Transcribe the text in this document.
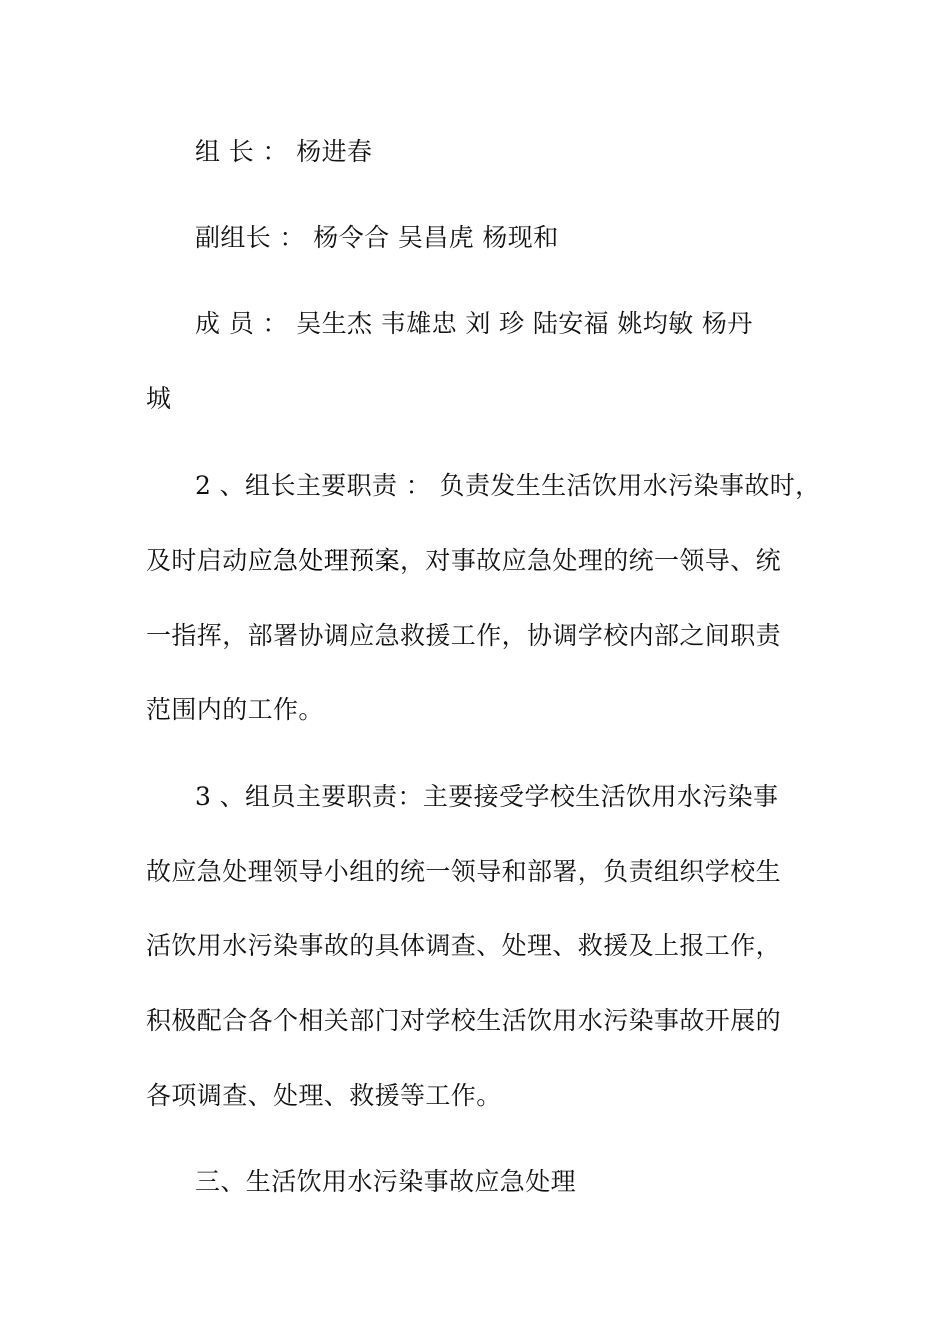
组 长 ： 杨进春
副组长 ： 杨令合 吴昌虎 杨现和
成 员 ： 吴生杰 韦雄忠 刘 珍 陆安福 姚均敏 杨丹
城
2 、组长主要职责 ： 负责发生生活饮用水污染事故时，
及时启动应急处理预案，对事故应急处理的统一领导、统
一指挥，部署协调应急救援工作，协调学校内部之间职责
范围内的工作。
3 、组员主要职责：主要接受学校生活饮用水污染事
故应急处理领导小组的统一领导和部署，负责组织学校生
活饮用水污染事故的具体调查、处理、救援及上报工作，
积极配合各个相关部门对学校生活饮用水污染事故开展的
各项调查、处理、救援等工作。
三、生活饮用水污染事故应急处理
